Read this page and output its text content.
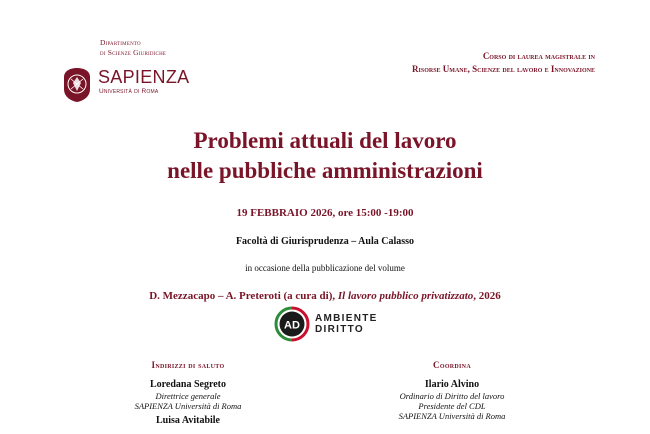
Dipartimento
di Scienze Giuridiche
SAPIENZA
Università di Roma
Corso di laurea magistrale in
Risorse Umane, Scienze del lavoro e Innovazione
Problemi attuali del lavoro
nelle pubbliche amministrazioni
19 FEBBRAIO 2026, ore 15:00 -19:00
Facoltà di Giurisprudenza – Aula Calasso
in occasione della pubblicazione del volume
D. Mezzacapo – A. Preteroti (a cura di), Il lavoro pubblico privatizzato, 2026
AD
AMBIENTE
DIRITTO
Indirizzi di saluto
Loredana Segreto
Direttrice generale
SAPIENZA Università di Roma
Luisa Avitabile
Coordina
Ilario Alvino
Ordinario di Diritto del lavoro
Presidente del CDL
SAPIENZA Università di Roma
